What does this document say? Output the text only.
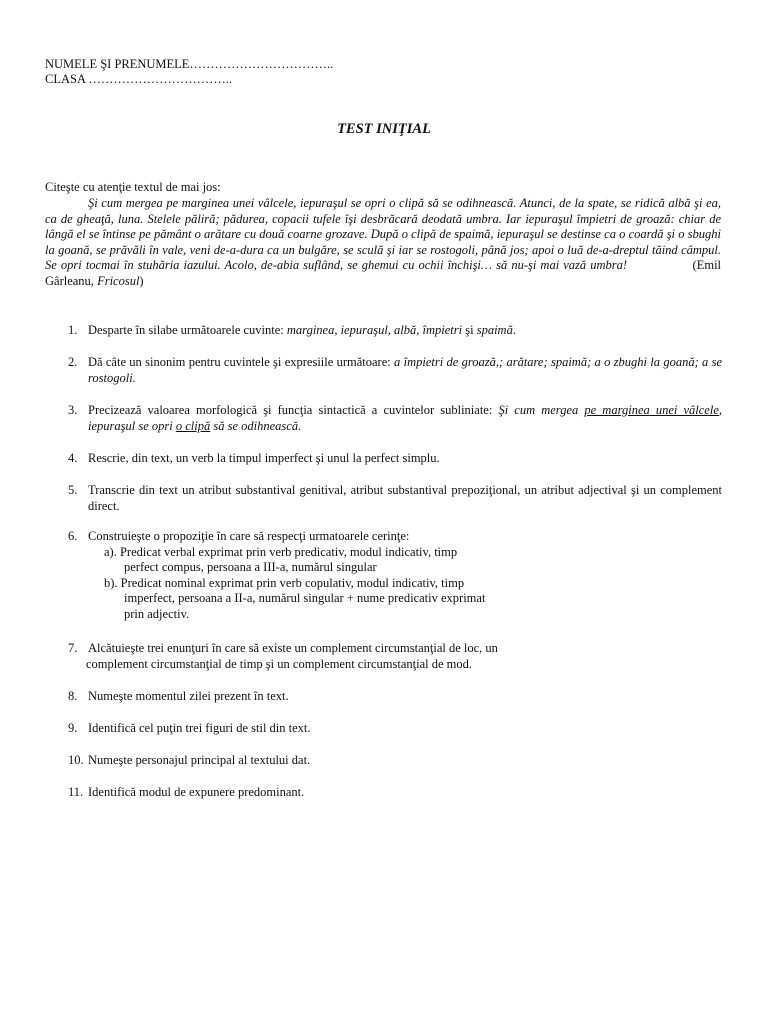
NUMELE ŞI PRENUMELE……………………………..
CLASA ……………………………..
TEST INIŢIAL
Citeşte cu atenţie textul de mai jos:
Şi cum mergea pe marginea unei vâlcele, iepuraşul se opri o clipă să se odihnească. Atunci, de la spate, se ridică albă şi ea, ca de gheaţă, luna. Stelele păliră; pădurea, copacii tufele îşi desbrăcară deodată umbra. Iar iepuraşul împietri de groază: chiar de lângă el se întinse pe pământ o arătare cu două coarne grozave. După o clipă de spaimă, iepuraşul se destinse ca o coardă şi o sbughi la goană, se prăvăli în vale, veni de-a-dura ca un bulgăre, se sculă şi iar se rostogoli, până jos; apoi o luă de-a-dreptul tăind câmpul. Se opri tocmai în stuhăria iazului. Acolo, de-abia suflând, se ghemui cu ochii închişi… să nu-şi mai vază umbra!	(Emil Gârleanu, Fricosul)
1. Desparte în silabe următoarele cuvinte: marginea, iepuraşul, albă, împietri şi spaimă.
2. Dă câte un sinonim pentru cuvintele şi expresiile următoare: a împietri de groază,; arătare; spaimă; a o zbughi la goană; a se rostogoli.
3. Precizează valoarea morfologică şi funcţia sintactică a cuvintelor subliniate: Şi cum mergea pe marginea unei vâlcele, iepuraşul se opri o clipă să se odihnească.
4. Rescrie, din text, un verb la timpul imperfect şi unul la perfect simplu.
5. Transcrie din text un atribut substantival genitival, atribut substantival prepoziţional, un atribut adjectival şi un complement direct.
6. Construieşte o propoziţie în care să respecţi urmatoarele cerinţe:
a). Predicat verbal exprimat prin verb predicativ, modul indicativ, timp
perfect compus, persoana a III-a, numărul singular
b). Predicat nominal exprimat prin verb copulativ, modul indicativ, timp
imperfect, persoana a II-a, numărul singular + nume predicativ exprimat
prin adjectiv.
7. Alcătuieşte trei enunţuri în care să existe un complement circumstanţial de loc, un
complement circumstanţial de timp şi un complement circumstanţial de mod.
8. Numeşte momentul zilei prezent în text.
9. Identifică cel puţin trei figuri de stil din text.
10. Numeşte personajul principal al textului dat.
11. Identifică modul de expunere predominant.
